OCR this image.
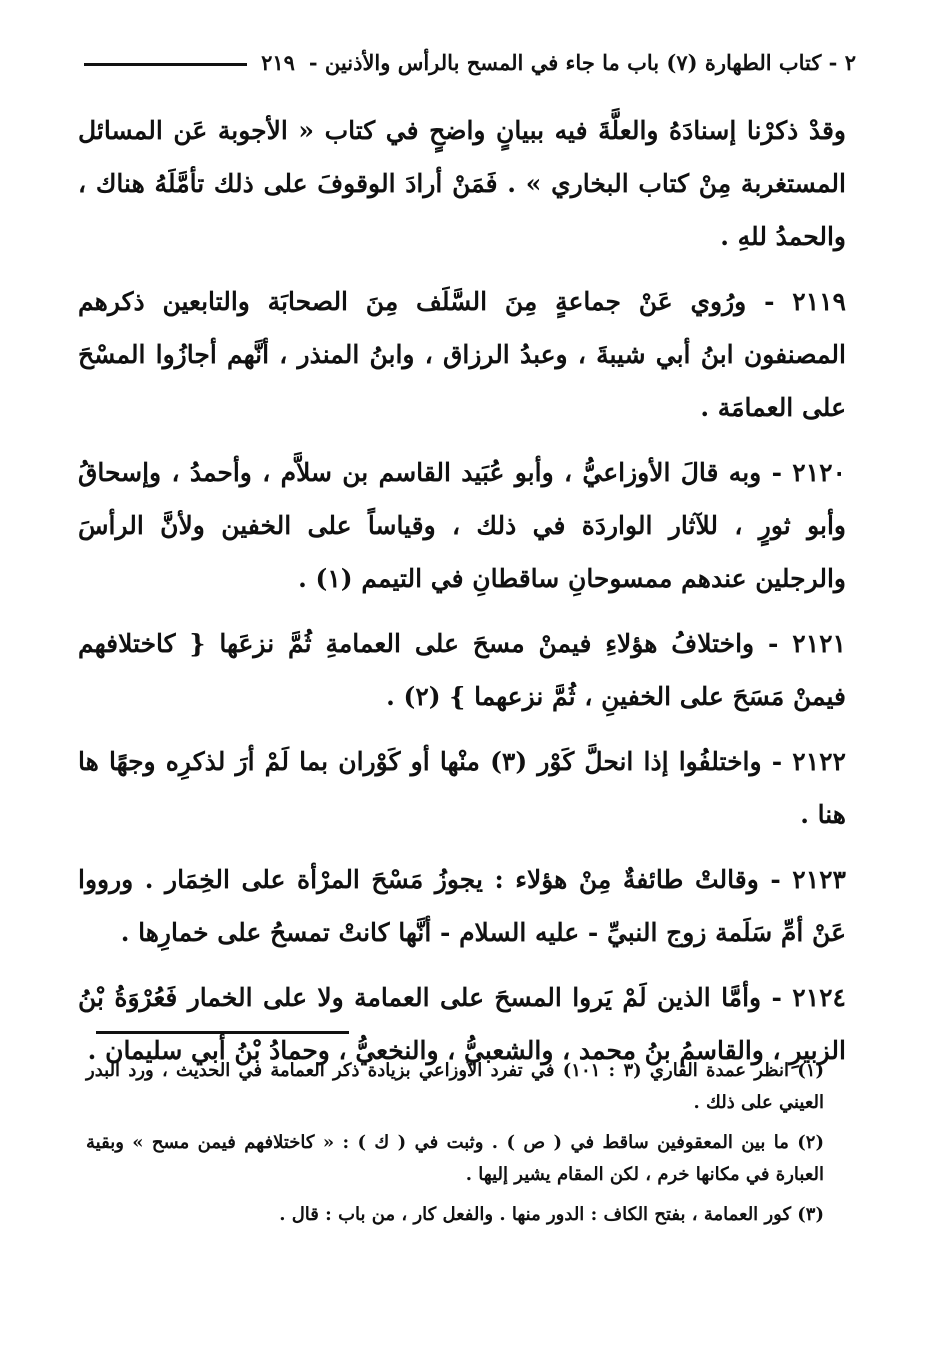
٢ - كتاب الطهارة (٧) باب ما جاء في المسح بالرأس والأذنين -
٢١٩

وقدْ ذكرْنا إسنادَهُ والعلَّةَ فيه ببيانٍ واضحٍ في كتاب « الأجوبة عَن المسائل المستغربة مِنْ كتاب البخاري » . فَمَنْ أرادَ الوقوفَ على ذلك تأمَّلَهُ هناك ، والحمدُ للهِ .

٢١١٩ - ورُوي عَنْ جماعةٍ مِنَ السَّلَف مِنَ الصحابَة والتابعين ذكرهم المصنفون ابنُ أبي شيبةَ ، وعبدُ الرزاق ، وابنُ المنذر ، أنَّهم أجازُوا المسْحَ على العمامَة .

٢١٢٠ - وبه قالَ الأوزاعيُّ ، وأبو عُبَيد القاسم بن سلاَّم ، وأحمدُ ، وإسحاقُ وأبو ثورٍ ، للآثار الواردَة في ذلك ، وقياساً على الخفين ولأنَّ الرأسَ والرجلين عندهم ممسوحانِ ساقطانِ في التيمم (١) .

٢١٢١ - واختلافُ هؤلاءِ فيمنْ مسحَ على العمامةِ ثُمَّ نزعَها { كاختلافهم فيمنْ مَسَحَ على الخفينِ ، ثُمَّ نزعهما } (٢) .

٢١٢٢ - واختلفُوا إذا انحلَّ كَوْر (٣) منْها أو كَوْران بما لَمْ أرَ لذكرِه وجهًا ها هنا .

٢١٢٣ - وقالتْ طائفةٌ مِنْ هؤلاء : يجوزُ مَسْحَ المرْأة على الخِمَار . ورووا عَنْ أمِّ سَلَمة زوج النبيِّ - عليه السلام - أنَّها كانتْ تمسحُ على خمارِها .

٢١٢٤ - وأمَّا الذين لَمْ يَروا المسحَ على العمامة ولا على الخمار فَعُرْوَةُ بْنُ الزبيرِ ، والقاسمُ بنُ محمد ، والشعبيُّ ، والنخعيُّ ، وحمادُ بْنُ أبي سليمان .

(١) انظر عمدة القاري (٣ : ١٠١) في تفرد الأوزاعي بزيادة ذكر العمامة في الحديث ، ورد البدر العيني على ذلك .

(٢) ما بين المعقوفين ساقط في ( ص ) . وثبت في ( ك ) : « كاختلافهم فيمن مسح » وبقية العبارة في مكانها خرم ، لكن المقام يشير إليها .

(٣) كور العمامة ، بفتح الكاف : الدور منها . والفعل كار ، من باب : قال .
